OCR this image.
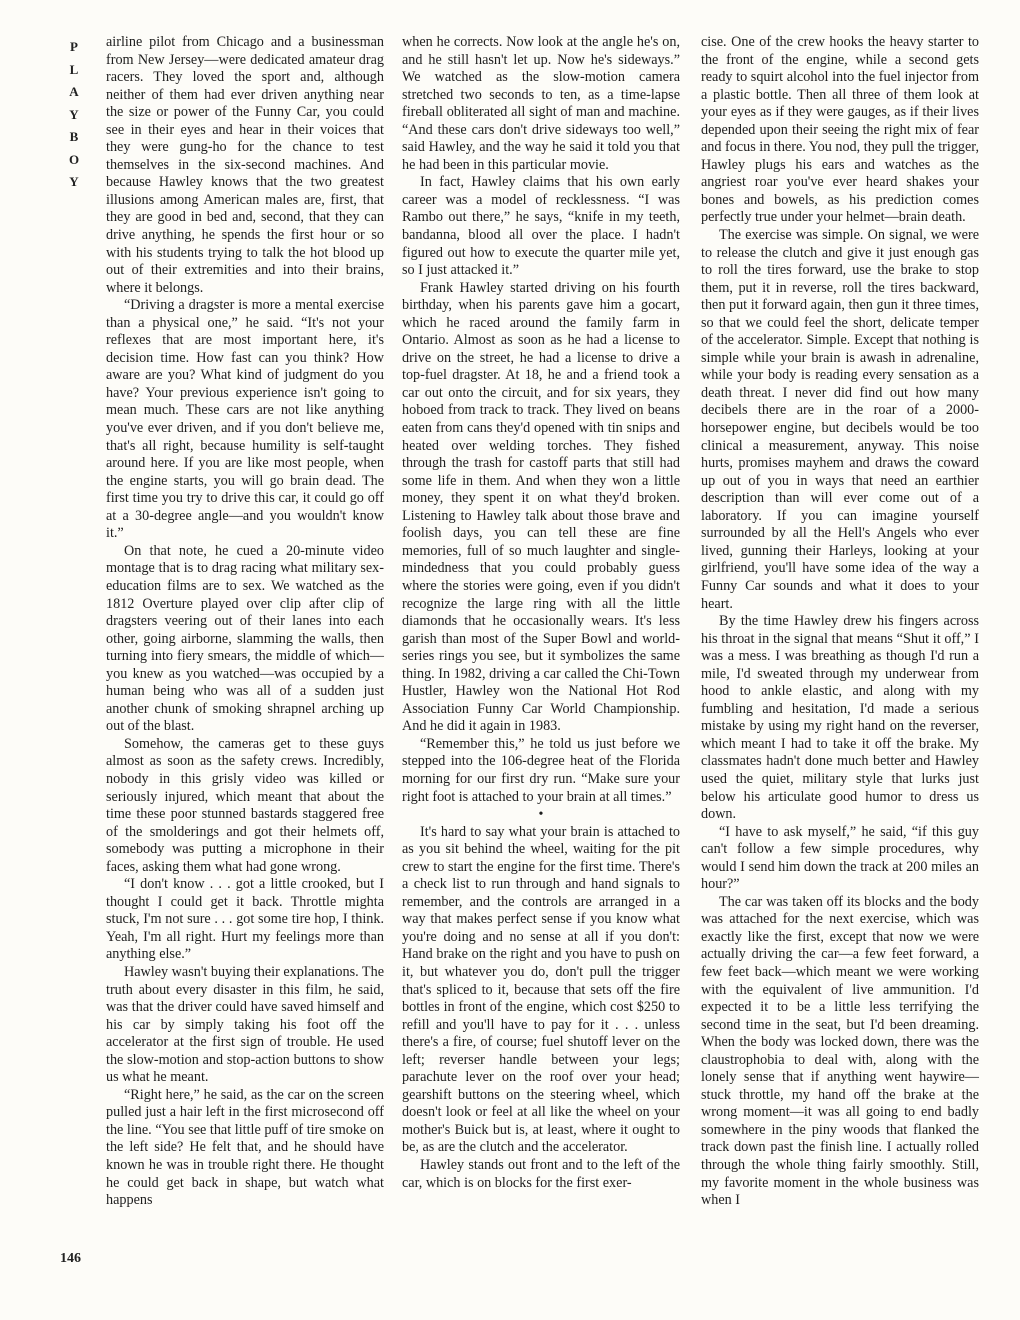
P
L
A
Y
B
O
Y

airline pilot from Chicago and a businessman from New Jersey—were dedicated amateur drag racers. They loved the sport and, although neither of them had ever driven anything near the size or power of the Funny Car, you could see in their eyes and hear in their voices that they were gung-ho for the chance to test themselves in the six-second machines. And because Hawley knows that the two greatest illusions among American males are, first, that they are good in bed and, second, that they can drive anything, he spends the first hour or so with his students trying to talk the hot blood up out of their extremities and into their brains, where it belongs.

“Driving a dragster is more a mental exercise than a physical one,” he said. “It's not your reflexes that are most important here, it's decision time. How fast can you think? How aware are you? What kind of judgment do you have? Your previous experience isn't going to mean much. These cars are not like anything you've ever driven, and if you don't believe me, that's all right, because humility is self-taught around here. If you are like most people, when the engine starts, you will go brain dead. The first time you try to drive this car, it could go off at a 30-degree angle—and you wouldn't know it.”

On that note, he cued a 20-minute video montage that is to drag racing what military sex-education films are to sex. We watched as the 1812 Overture played over clip after clip of dragsters veering out of their lanes into each other, going airborne, slamming the walls, then turning into fiery smears, the middle of which—you knew as you watched—was occupied by a human being who was all of a sudden just another chunk of smoking shrapnel arching up out of the blast.

Somehow, the cameras get to these guys almost as soon as the safety crews. Incredibly, nobody in this grisly video was killed or seriously injured, which meant that about the time these poor stunned bastards staggered free of the smolderings and got their helmets off, somebody was putting a microphone in their faces, asking them what had gone wrong.

“I don't know . . . got a little crooked, but I thought I could get it back. Throttle mighta stuck, I'm not sure . . . got some tire hop, I think. Yeah, I'm all right. Hurt my feelings more than anything else.”

Hawley wasn't buying their explanations. The truth about every disaster in this film, he said, was that the driver could have saved himself and his car by simply taking his foot off the accelerator at the first sign of trouble. He used the slow-motion and stop-action buttons to show us what he meant.

“Right here,” he said, as the car on the screen pulled just a hair left in the first microsecond off the line. “You see that little puff of tire smoke on the left side? He felt that, and he should have known he was in trouble right there. He thought he could get back in shape, but watch what happens

when he corrects. Now look at the angle he's on, and he still hasn't let up. Now he's sideways.” We watched as the slow-motion camera stretched two seconds to ten, as a time-lapse fireball obliterated all sight of man and machine. “And these cars don't drive sideways too well,” said Hawley, and the way he said it told you that he had been in this particular movie.

In fact, Hawley claims that his own early career was a model of recklessness. “I was Rambo out there,” he says, “knife in my teeth, bandanna, blood all over the place. I hadn't figured out how to execute the quarter mile yet, so I just attacked it.”

Frank Hawley started driving on his fourth birthday, when his parents gave him a gocart, which he raced around the family farm in Ontario. Almost as soon as he had a license to drive on the street, he had a license to drive a top-fuel dragster. At 18, he and a friend took a car out onto the circuit, and for six years, they hoboed from track to track. They lived on beans eaten from cans they'd opened with tin snips and heated over welding torches. They fished through the trash for castoff parts that still had some life in them. And when they won a little money, they spent it on what they'd broken. Listening to Hawley talk about those brave and foolish days, you can tell these are fine memories, full of so much laughter and single-mindedness that you could probably guess where the stories were going, even if you didn't recognize the large ring with all the little diamonds that he occasionally wears. It's less garish than most of the Super Bowl and world-series rings you see, but it symbolizes the same thing. In 1982, driving a car called the Chi-Town Hustler, Hawley won the National Hot Rod Association Funny Car World Championship. And he did it again in 1983.

“Remember this,” he told us just before we stepped into the 106-degree heat of the Florida morning for our first dry run. “Make sure your right foot is attached to your brain at all times.”

•

It's hard to say what your brain is attached to as you sit behind the wheel, waiting for the pit crew to start the engine for the first time. There's a check list to run through and hand signals to remember, and the controls are arranged in a way that makes perfect sense if you know what you're doing and no sense at all if you don't: Hand brake on the right and you have to push on it, but whatever you do, don't pull the trigger that's spliced to it, because that sets off the fire bottles in front of the engine, which cost $250 to refill and you'll have to pay for it . . . unless there's a fire, of course; fuel shutoff lever on the left; reverser handle between your legs; parachute lever on the roof over your head; gearshift buttons on the steering wheel, which doesn't look or feel at all like the wheel on your mother's Buick but is, at least, where it ought to be, as are the clutch and the accelerator.

Hawley stands out front and to the left of the car, which is on blocks for the first exer-

cise. One of the crew hooks the heavy starter to the front of the engine, while a second gets ready to squirt alcohol into the fuel injector from a plastic bottle. Then all three of them look at your eyes as if they were gauges, as if their lives depended upon their seeing the right mix of fear and focus in there. You nod, they pull the trigger, Hawley plugs his ears and watches as the angriest roar you've ever heard shakes your bones and bowels, as his prediction comes perfectly true under your helmet—brain death.

The exercise was simple. On signal, we were to release the clutch and give it just enough gas to roll the tires forward, use the brake to stop them, put it in reverse, roll the tires backward, then put it forward again, then gun it three times, so that we could feel the short, delicate temper of the accelerator. Simple. Except that nothing is simple while your brain is awash in adrenaline, while your body is reading every sensation as a death threat. I never did find out how many decibels there are in the roar of a 2000-horsepower engine, but decibels would be too clinical a measurement, anyway. This noise hurts, promises mayhem and draws the coward up out of you in ways that need an earthier description than will ever come out of a laboratory. If you can imagine yourself surrounded by all the Hell's Angels who ever lived, gunning their Harleys, looking at your girlfriend, you'll have some idea of the way a Funny Car sounds and what it does to your heart.

By the time Hawley drew his fingers across his throat in the signal that means “Shut it off,” I was a mess. I was breathing as though I'd run a mile, I'd sweated through my underwear from hood to ankle elastic, and along with my fumbling and hesitation, I'd made a serious mistake by using my right hand on the reverser, which meant I had to take it off the brake. My classmates hadn't done much better and Hawley used the quiet, military style that lurks just below his articulate good humor to dress us down.

“I have to ask myself,” he said, “if this guy can't follow a few simple procedures, why would I send him down the track at 200 miles an hour?”

The car was taken off its blocks and the body was attached for the next exercise, which was exactly like the first, except that now we were actually driving the car—a few feet forward, a few feet back—which meant we were working with the equivalent of live ammunition. I'd expected it to be a little less terrifying the second time in the seat, but I'd been dreaming. When the body was locked down, there was the claustrophobia to deal with, along with the lonely sense that if anything went haywire—stuck throttle, my hand off the brake at the wrong moment—it was all going to end badly somewhere in the piny woods that flanked the track down past the finish line. I actually rolled through the whole thing fairly smoothly. Still, my favorite moment in the whole business was when I

146
